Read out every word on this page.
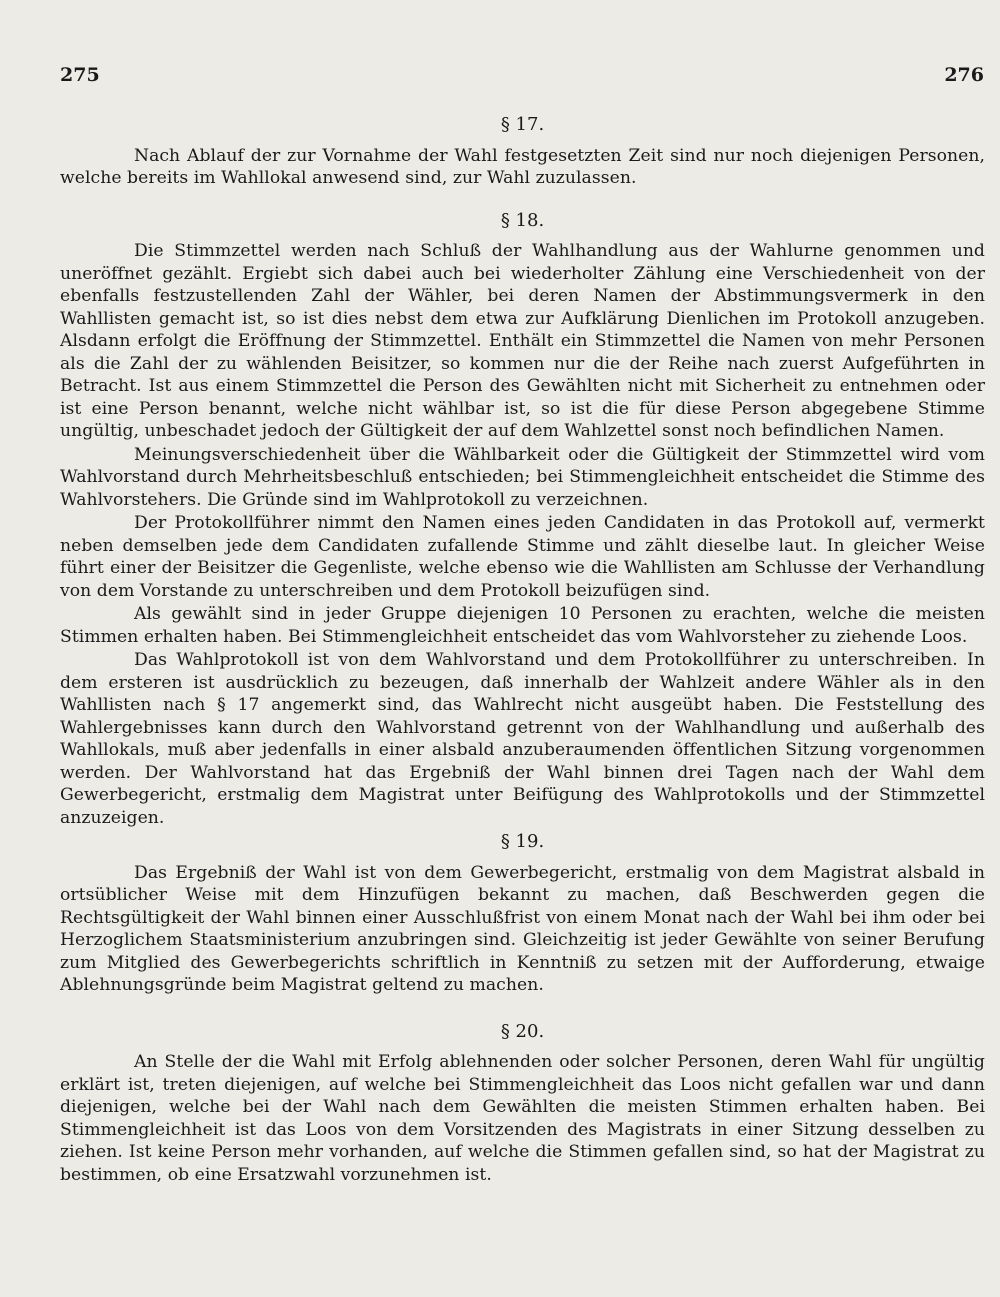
275	276
§ 17.

Nach Ablauf der zur Vornahme der Wahl festgesetzten Zeit sind nur noch diejenigen Personen, welche bereits im Wahllokal anwesend sind, zur Wahl zuzulassen.

§ 18.

Die Stimmzettel werden nach Schluß der Wahlhandlung aus der Wahlurne genommen und uneröffnet gezählt. Ergiebt sich dabei auch bei wiederholter Zählung eine Verschiedenheit von der ebenfalls festzustellenden Zahl der Wähler, bei deren Namen der Abstimmungsvermerk in den Wahllisten gemacht ist, so ist dies nebst dem etwa zur Aufklärung Dienlichen im Protokoll anzugeben. Alsdann erfolgt die Eröffnung der Stimmzettel. Enthält ein Stimmzettel die Namen von mehr Personen als die Zahl der zu wählenden Beisitzer, so kommen nur die der Reihe nach zuerst Aufgeführten in Betracht. Ist aus einem Stimmzettel die Person des Gewählten nicht mit Sicherheit zu entnehmen oder ist eine Person benannt, welche nicht wählbar ist, so ist die für diese Person abgegebene Stimme ungültig, unbeschadet jedoch der Gültigkeit der auf dem Wahlzettel sonst noch befindlichen Namen.

Meinungsverschiedenheit über die Wählbarkeit oder die Gültigkeit der Stimmzettel wird vom Wahlvorstand durch Mehrheitsbeschluß entschieden; bei Stimmengleichheit entscheidet die Stimme des Wahlvorstehers. Die Gründe sind im Wahlprotokoll zu verzeichnen.

Der Protokollführer nimmt den Namen eines jeden Candidaten in das Protokoll auf, vermerkt neben demselben jede dem Candidaten zufallende Stimme und zählt dieselbe laut. In gleicher Weise führt einer der Beisitzer die Gegenliste, welche ebenso wie die Wahllisten am Schlusse der Verhandlung von dem Vorstande zu unterschreiben und dem Protokoll beizufügen sind.

Als gewählt sind in jeder Gruppe diejenigen 10 Personen zu erachten, welche die meisten Stimmen erhalten haben. Bei Stimmengleichheit entscheidet das vom Wahlvorsteher zu ziehende Loos.

Das Wahlprotokoll ist von dem Wahlvorstand und dem Protokollführer zu unterschreiben. In dem ersteren ist ausdrücklich zu bezeugen, daß innerhalb der Wahlzeit andere Wähler als in den Wahllisten nach § 17 angemerkt sind, das Wahlrecht nicht ausgeübt haben. Die Feststellung des Wahlergebnisses kann durch den Wahlvorstand getrennt von der Wahlhandlung und außerhalb des Wahllokals, muß aber jedenfalls in einer alsbald anzuberaumenden öffentlichen Sitzung vorgenommen werden. Der Wahlvorstand hat das Ergebniß der Wahl binnen drei Tagen nach der Wahl dem Gewerbegericht, erstmalig dem Magistrat unter Beifügung des Wahlprotokolls und der Stimmzettel anzuzeigen.

§ 19.

Das Ergebniß der Wahl ist von dem Gewerbegericht, erstmalig von dem Magistrat alsbald in ortsüblicher Weise mit dem Hinzufügen bekannt zu machen, daß Beschwerden gegen die Rechtsgültigkeit der Wahl binnen einer Ausschlußfrist von einem Monat nach der Wahl bei ihm oder bei Herzoglichem Staatsministerium anzubringen sind. Gleichzeitig ist jeder Gewählte von seiner Berufung zum Mitglied des Gewerbegerichts schriftlich in Kenntniß zu setzen mit der Aufforderung, etwaige Ablehnungsgründe beim Magistrat geltend zu machen.

§ 20.

An Stelle der die Wahl mit Erfolg ablehnenden oder solcher Personen, deren Wahl für ungültig erklärt ist, treten diejenigen, auf welche bei Stimmengleichheit das Loos nicht gefallen war und dann diejenigen, welche bei der Wahl nach dem Gewählten die meisten Stimmen erhalten haben. Bei Stimmengleichheit ist das Loos von dem Vorsitzenden des Magistrats in einer Sitzung desselben zu ziehen. Ist keine Person mehr vorhanden, auf welche die Stimmen gefallen sind, so hat der Magistrat zu bestimmen, ob eine Ersatzwahl vorzunehmen ist.
